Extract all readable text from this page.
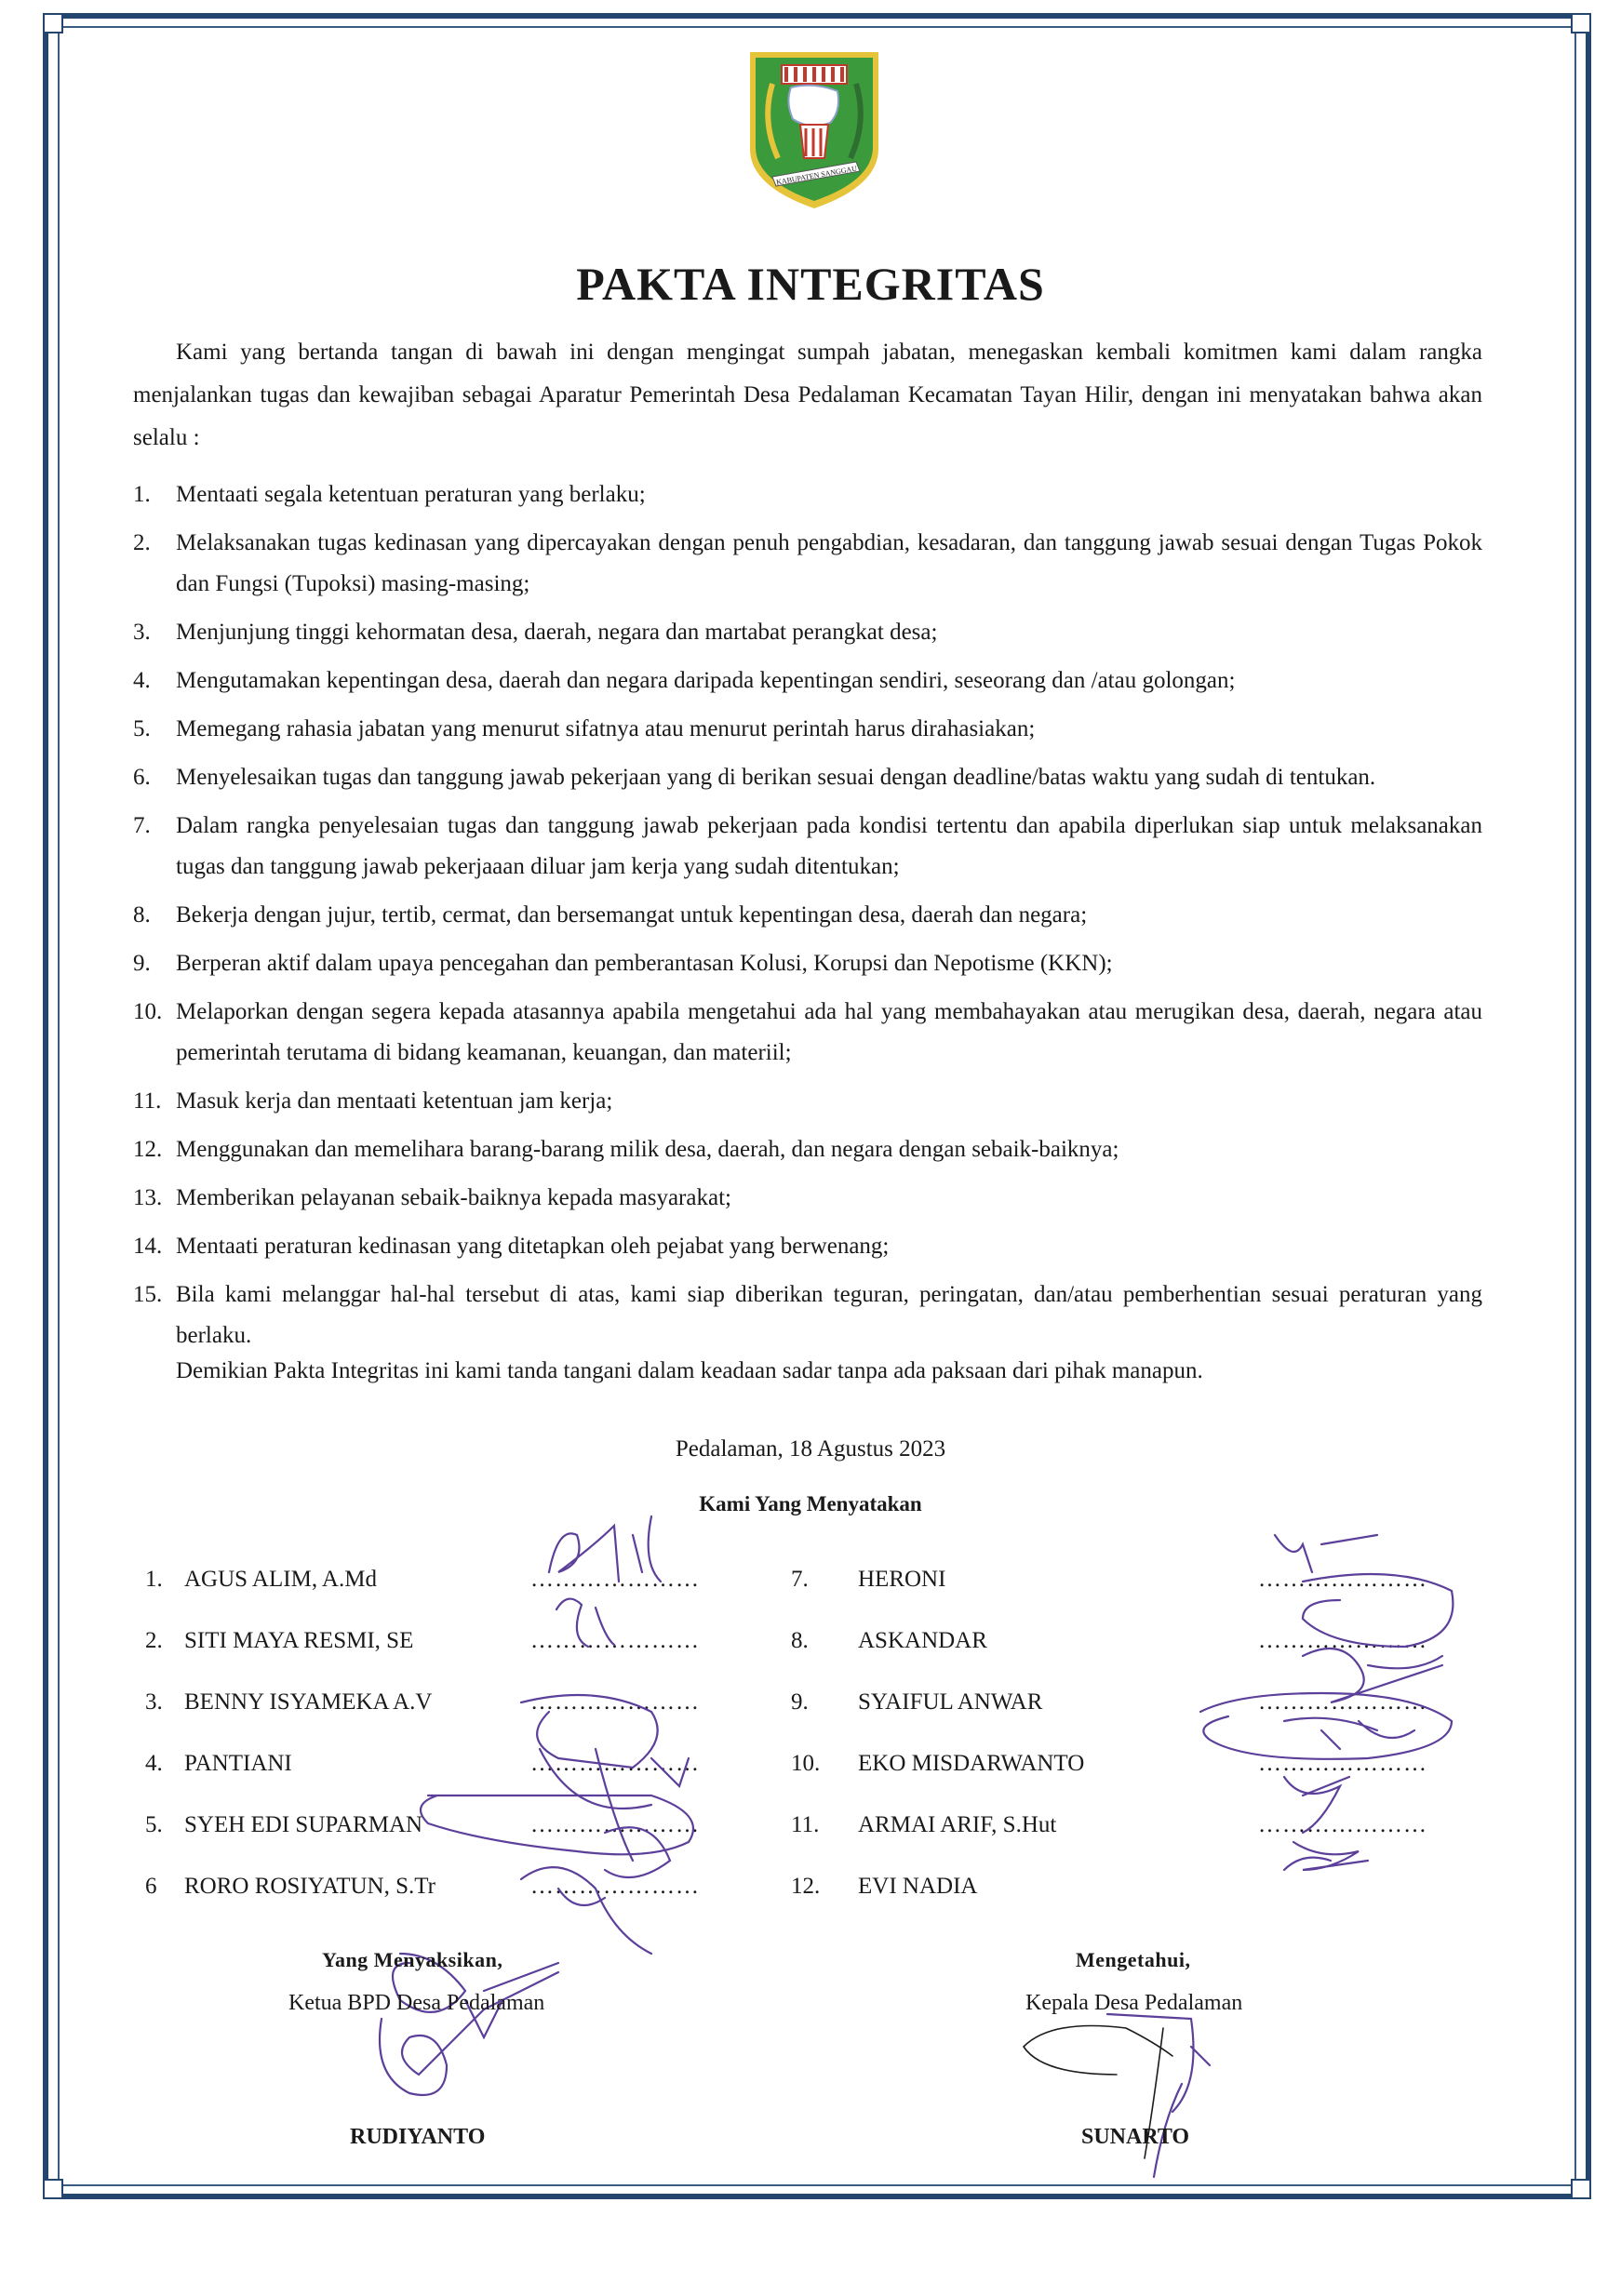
KABUPATEN SANGGAU
PAKTA INTEGRITAS
Kami yang bertanda tangan di bawah ini dengan mengingat sumpah jabatan, menegaskan kembali komitmen kami dalam rangka menjalankan tugas dan kewajiban sebagai Aparatur Pemerintah Desa Pedalaman Kecamatan Tayan Hilir, dengan ini menyatakan bahwa akan selalu :
1.	Mentaati segala ketentuan peraturan yang berlaku;
2.	Melaksanakan tugas kedinasan yang dipercayakan dengan penuh pengabdian, kesadaran, dan tanggung jawab sesuai dengan Tugas Pokok dan Fungsi (Tupoksi) masing-masing;
3.	Menjunjung tinggi kehormatan desa, daerah, negara dan martabat perangkat desa;
4.	Mengutamakan kepentingan desa, daerah dan negara daripada kepentingan sendiri, seseorang dan /atau golongan;
5.	Memegang rahasia jabatan yang menurut sifatnya atau menurut perintah harus dirahasiakan;
6.	Menyelesaikan tugas dan tanggung jawab pekerjaan yang di berikan sesuai dengan deadline/batas waktu yang sudah di tentukan.
7.	Dalam rangka penyelesaian tugas dan tanggung jawab pekerjaan pada kondisi tertentu dan apabila diperlukan siap untuk melaksanakan tugas dan tanggung jawab pekerjaaan diluar jam kerja yang sudah ditentukan;
8.	Bekerja dengan jujur, tertib, cermat, dan bersemangat untuk kepentingan desa, daerah dan negara;
9.	Berperan aktif dalam upaya pencegahan dan pemberantasan Kolusi, Korupsi dan Nepotisme (KKN);
10. Melaporkan dengan segera kepada atasannya apabila mengetahui ada hal yang membahayakan atau merugikan desa, daerah, negara atau pemerintah terutama di bidang keamanan, keuangan, dan materiil;
11. Masuk kerja dan mentaati ketentuan jam kerja;
12. Menggunakan dan memelihara barang-barang milik desa, daerah, dan negara dengan sebaik-baiknya;
13. Memberikan pelayanan sebaik-baiknya kepada masyarakat;
14. Mentaati peraturan kedinasan yang ditetapkan oleh pejabat yang berwenang;
15. Bila kami melanggar hal-hal tersebut di atas, kami siap diberikan teguran, peringatan, dan/atau pemberhentian sesuai peraturan yang berlaku.
Demikian Pakta Integritas ini kami tanda tangani dalam keadaan sadar tanpa ada paksaan dari pihak manapun.
Pedalaman, 18 Agustus 2023
Kami Yang Menyatakan
1. AGUS ALIM, A.Md	…………………
2. SITI MAYA RESMI, SE	…………………
3. BENNY ISYAMEKA A.V	…………………
4. PANTIANI	…………………
5. SYEH EDI SUPARMAN	…………………
6	RORO ROSIYATUN, S.Tr	…………………
7.	HERONI	…………………
8.	ASKANDAR	…………………
9.	SYAIFUL ANWAR	…………………
10.	EKO MISDARWANTO	…………………
11.	ARMAI ARIF, S.Hut	…………………
12.	EVI NADIA
Yang Menyaksikan,
Ketua BPD Desa Pedalaman
RUDIYANTO
Mengetahui,
Kepala Desa Pedalaman
SUNARTO
